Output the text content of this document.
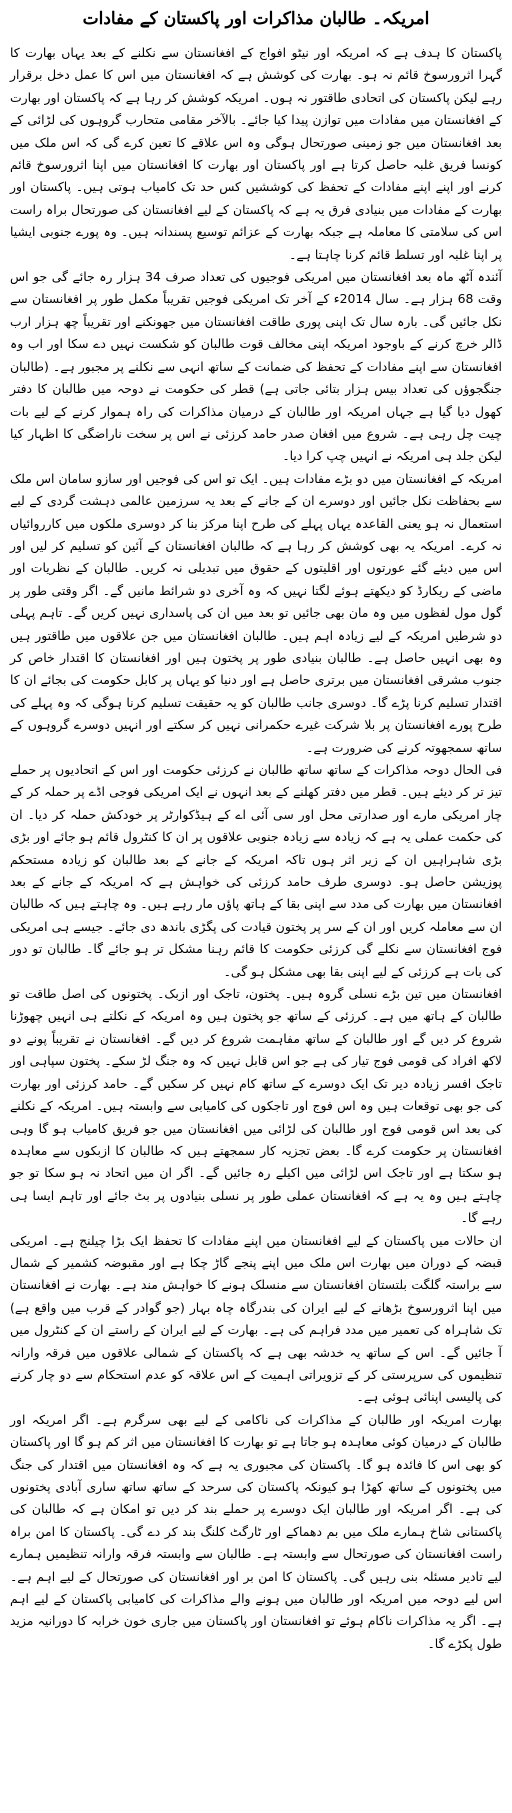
امریکہ۔ طالبان مذاکرات اور پاکستان کے مفادات

پاکستان کا ہدف ہے کہ امریکہ اور نیٹو افواج کے افغانستان سے نکلنے کے بعد یہاں بھارت کا گہرا اثرورسوخ قائم نہ ہو۔ بھارت کی کوشش ہے کہ افغانستان میں اس کا عمل دخل برقرار رہے لیکن پاکستان کی اتحادی طاقتور نہ ہوں۔ امریکہ کوشش کر رہا ہے کہ پاکستان اور بھارت کے افغانستان میں مفادات میں توازن پیدا کیا جائے۔ بالآخر مقامی متحارب گروہوں کی لڑائی کے بعد افغانستان میں جو زمینی صورتحال ہوگی وہ اس علاقے کا تعین کرے گی کہ اس ملک میں کونسا فریق غلبہ حاصل کرتا ہے اور پاکستان اور بھارت کا افغانستان میں اپنا اثرورسوخ قائم کرنے اور اپنے اپنے مفادات کے تحفظ کی کوششیں کس حد تک کامیاب ہوتی ہیں۔ پاکستان اور بھارت کے مفادات میں بنیادی فرق یہ ہے کہ پاکستان کے لیے افغانستان کی صورتحال براہ راست اس کی سلامتی کا معاملہ ہے جبکہ بھارت کے عزائم توسیع پسندانہ ہیں۔ وہ پورے جنوبی ایشیا پر اپنا غلبہ اور تسلط قائم کرنا چاہتا ہے۔

آئندہ آٹھ ماہ بعد افغانستان میں امریکی فوجیوں کی تعداد صرف 34 ہزار رہ جائے گی جو اس وقت 68 ہزار ہے۔ سال 2014ء کے آخر تک امریکی فوجیں تقریباً مکمل طور پر افغانستان سے نکل جائیں گی۔ بارہ سال تک اپنی پوری طاقت افغانستان میں جھونکنے اور تقریباً چھ ہزار ارب ڈالر خرچ کرنے کے باوجود امریکہ اپنی مخالف قوت طالبان کو شکست نہیں دے سکا اور اب وہ افغانستان سے اپنے مفادات کے تحفظ کی ضمانت کے ساتھ انہی سے نکلنے پر مجبور ہے۔ (طالبان جنگجوؤں کی تعداد بیس ہزار بتائی جاتی ہے) قطر کی حکومت نے دوحہ میں طالبان کا دفتر کھول دیا گیا ہے جہاں امریکہ اور طالبان کے درمیان مذاکرات کی راہ ہموار کرنے کے لیے بات چیت چل رہی ہے۔ شروع میں افغان صدر حامد کرزئی نے اس پر سخت ناراضگی کا اظہار کیا لیکن جلد ہی امریکہ نے انہیں چپ کرا دیا۔

امریکہ کے افغانستان میں دو بڑے مفادات ہیں۔ ایک تو اس کی فوجیں اور سازو سامان اس ملک سے بحفاظت نکل جائیں اور دوسرے ان کے جانے کے بعد یہ سرزمین عالمی دہشت گردی کے لیے استعمال نہ ہو یعنی القاعدہ یہاں پہلے کی طرح اپنا مرکز بنا کر دوسری ملکوں میں کارروائیاں نہ کرے۔ امریکہ یہ بھی کوشش کر رہا ہے کہ طالبان افغانستان کے آئین کو تسلیم کر لیں اور اس میں دیئے گئے عورتوں اور اقلیتوں کے حقوق میں تبدیلی نہ کریں۔ طالبان کے نظریات اور ماضی کے ریکارڈ کو دیکھتے ہوئے لگتا نہیں کہ وہ آخری دو شرائط مانیں گے۔ اگر وقتی طور پر گول مول لفظوں میں وہ مان بھی جائیں تو بعد میں ان کی پاسداری نہیں کریں گے۔ تاہم پہلی دو شرطیں امریکہ کے لیے زیادہ اہم ہیں۔ طالبان افغانستان میں جن علاقوں میں طاقتور ہیں وہ بھی انہیں حاصل ہے۔ طالبان بنیادی طور پر پختون ہیں اور افغانستان کا اقتدار خاص کر جنوب مشرقی افغانستان میں برتری حاصل ہے اور دنیا کو یہاں پر کابل حکومت کی بجائے ان کا اقتدار تسلیم کرنا پڑے گا۔ دوسری جانب طالبان کو یہ حقیقت تسلیم کرنا ہوگی کہ وہ پہلے کی طرح پورے افغانستان پر بلا شرکت غیرے حکمرانی نہیں کر سکتے اور انہیں دوسرے گروہوں کے ساتھ سمجھوتہ کرنے کی ضرورت ہے۔

فی الحال دوحہ مذاکرات کے ساتھ ساتھ طالبان نے کرزئی حکومت اور اس کے اتحادیوں پر حملے تیز تر کر دیئے ہیں۔ قطر میں دفتر کھلنے کے بعد انہوں نے ایک امریکی فوجی اڈے پر حملہ کر کے چار امریکی مارے اور صدارتی محل اور سی آئی اے کے ہیڈکوارٹر پر خودکش حملہ کر دیا۔ ان کی حکمت عملی یہ ہے کہ زیادہ سے زیادہ جنوبی علاقوں پر ان کا کنٹرول قائم ہو جائے اور بڑی بڑی شاہراہیں ان کے زیر اثر ہوں تاکہ امریکہ کے جانے کے بعد طالبان کو زیادہ مستحکم پوزیشن حاصل ہو۔ دوسری طرف حامد کرزئی کی خواہش ہے کہ امریکہ کے جانے کے بعد افغانستان میں بھارت کی مدد سے اپنی بقا کے ہاتھ پاؤں مار رہے ہیں۔ وہ چاہتے ہیں کہ طالبان ان سے معاملہ کریں اور ان کے سر پر پختون قیادت کی پگڑی باندھ دی جائے۔ جیسے ہی امریکی فوج افغانستان سے نکلے گی کرزئی حکومت کا قائم رہنا مشکل تر ہو جائے گا۔ طالبان تو دور کی بات ہے کرزئی کے لیے اپنی بقا بھی مشکل ہو گی۔

افغانستان میں تین بڑے نسلی گروہ ہیں۔ پختون، تاجک اور ازبک۔ پختونوں کی اصل طاقت تو طالبان کے ہاتھ میں ہے۔ کرزئی کے ساتھ جو پختون ہیں وہ امریکہ کے نکلتے ہی انہیں چھوڑنا شروع کر دیں گے اور طالبان کے ساتھ مفاہمت شروع کر دیں گے۔ افغانستان نے تقریباً پونے دو لاکھ افراد کی قومی فوج تیار کی ہے جو اس قابل نہیں کہ وہ جنگ لڑ سکے۔ پختون سپاہی اور تاجک افسر زیادہ دیر تک ایک دوسرے کے ساتھ کام نہیں کر سکیں گے۔ حامد کرزئی اور بھارت کی جو بھی توقعات ہیں وہ اس فوج اور تاجکوں کی کامیابی سے وابستہ ہیں۔ امریکہ کے نکلنے کی بعد اس قومی فوج اور طالبان کی لڑائی میں افغانستان میں جو فریق کامیاب ہو گا وہی افغانستان پر حکومت کرے گا۔ بعض تجزیہ کار سمجھتے ہیں کہ طالبان کا ازبکوں سے معاہدہ ہو سکتا ہے اور تاجک اس لڑائی میں اکیلے رہ جائیں گے۔ اگر ان میں اتحاد نہ ہو سکا تو جو چاہتے ہیں وہ یہ ہے کہ افغانستان عملی طور پر نسلی بنیادوں پر بٹ جائے اور تاہم ایسا ہی رہے گا۔

ان حالات میں پاکستان کے لیے افغانستان میں اپنے مفادات کا تحفظ ایک بڑا چیلنج ہے۔ امریکی قبضہ کے دوران میں بھارت اس ملک میں اپنے پنجے گاڑ چکا ہے اور مقبوضہ کشمیر کے شمال سے براستہ گلگت بلتستان افغانستان سے منسلک ہونے کا خواہش مند ہے۔ بھارت نے افغانستان میں اپنا اثرورسوخ بڑھانے کے لیے ایران کی بندرگاہ چاہ بہار (جو گوادر کے قرب میں واقع ہے) تک شاہراہ کی تعمیر میں مدد فراہم کی ہے۔ بھارت کے لیے ایران کے راستے ان کے کنٹرول میں آ جائیں گے۔ اس کے ساتھ یہ خدشہ بھی ہے کہ پاکستان کے شمالی علاقوں میں فرقہ وارانہ تنظیموں کی سرپرستی کر کے تزویراتی اہمیت کے اس علاقہ کو عدم استحکام سے دو چار کرنے کی پالیسی اپنائی ہوئی ہے۔

بھارت امریکہ اور طالبان کے مذاکرات کی ناکامی کے لیے بھی سرگرم ہے۔ اگر امریکہ اور طالبان کے درمیان کوئی معاہدہ ہو جاتا ہے تو بھارت کا افغانستان میں اثر کم ہو گا اور پاکستان کو بھی اس کا فائدہ ہو گا۔ پاکستان کی مجبوری یہ ہے کہ وہ افغانستان میں اقتدار کی جنگ میں پختونوں کے ساتھ کھڑا ہو کیونکہ پاکستان کی سرحد کے ساتھ ساتھ ساری آبادی پختونوں کی ہے۔ اگر امریکہ اور طالبان ایک دوسرے پر حملے بند کر دیں تو امکان ہے کہ طالبان کی پاکستانی شاخ ہمارے ملک میں بم دھماکے اور ٹارگٹ کلنگ بند کر دے گی۔ پاکستان کا امن براہ راست افغانستان کی صورتحال سے وابستہ ہے۔ طالبان سے وابستہ فرقہ وارانہ تنظیمیں ہمارے لیے تادیر مسئلہ بنی رہیں گی۔ پاکستان کا امن بر اور افغانستان کی صورتحال کے لیے اہم ہے۔ اس لیے دوحہ میں امریکہ اور طالبان میں ہونے والے مذاکرات کی کامیابی پاکستان کے لیے اہم ہے۔ اگر یہ مذاکرات ناکام ہوئے تو افغانستان اور پاکستان میں جاری خون خرابہ کا دورانیہ مزید طول پکڑے گا۔
